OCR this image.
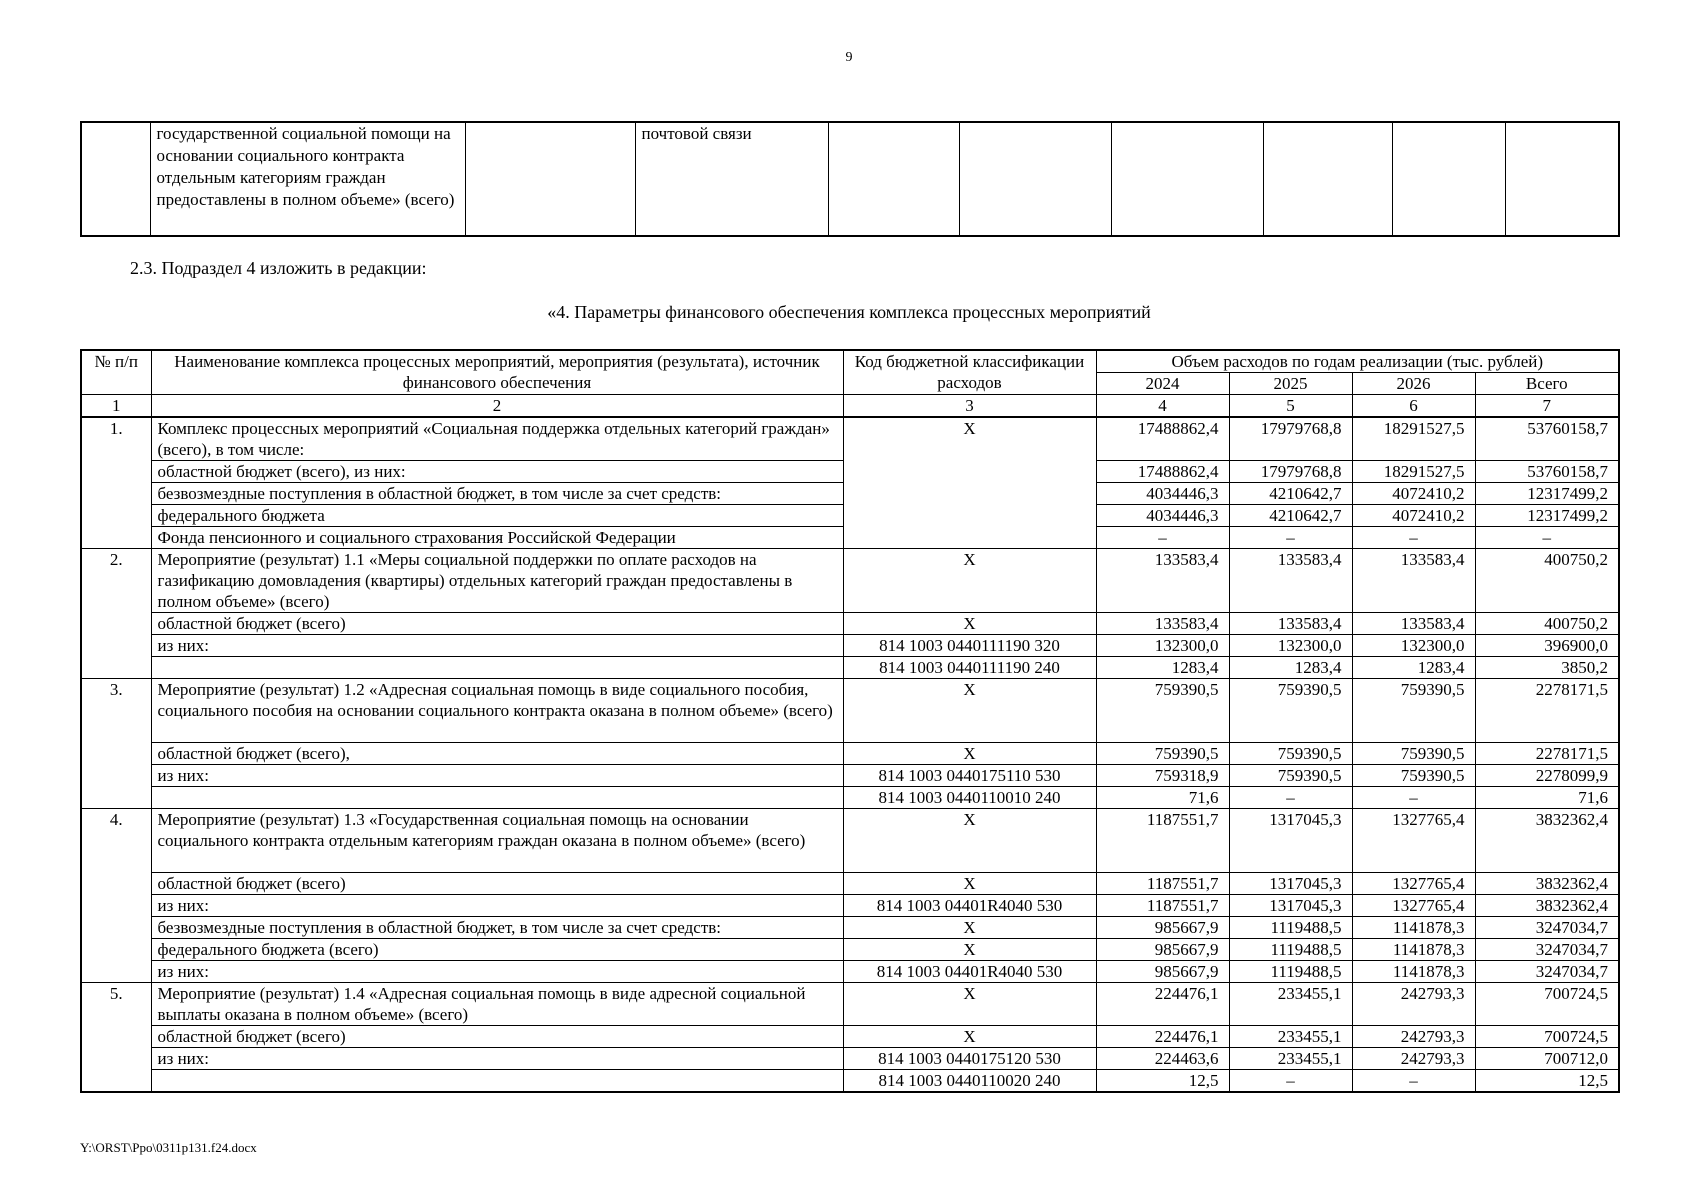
9
	государственной социальной помощи на основании социального контракта отдельным категориям граждан предоставлены в полном объеме» (всего)		почтовой связи						
2.3. Подраздел 4 изложить в редакции:
«4. Параметры финансового обеспечения комплекса процессных мероприятий
№ п/п	Наименование комплекса процессных мероприятий, мероприятия (результата), источник финансового обеспечения	Код бюджетной классификации расходов	Объем расходов по годам реализации (тыс. рублей)			
			2024	2025	2026	Всего
1	2	3	4	5	6	7
1.	Комплекс процессных мероприятий «Социальная поддержка отдельных категорий граждан» (всего), в том числе:	X	17488862,4	17979768,8	18291527,5	53760158,7
	областной бюджет (всего), из них:		17488862,4	17979768,8	18291527,5	53760158,7
	безвозмездные поступления в областной бюджет, в том числе за счет средств:		4034446,3	4210642,7	4072410,2	12317499,2
	федерального бюджета		4034446,3	4210642,7	4072410,2	12317499,2
	Фонда пенсионного и социального страхования Российской Федерации		–	–	–	–
2.	Мероприятие (результат) 1.1 «Меры социальной поддержки по оплате расходов на газификацию домовладения (квартиры) отдельных категорий граждан предоставлены в полном объеме» (всего)	X	133583,4	133583,4	133583,4	400750,2
	областной бюджет (всего)	X	133583,4	133583,4	133583,4	400750,2
	из них:	814 1003 0440111190 320	132300,0	132300,0	132300,0	396900,0
		814 1003 0440111190 240	1283,4	1283,4	1283,4	3850,2
3.	Мероприятие (результат) 1.2 «Адресная социальная помощь в виде социального пособия, социального пособия на основании социального контракта оказана в полном объеме» (всего)	X	759390,5	759390,5	759390,5	2278171,5
	областной бюджет (всего),	X	759390,5	759390,5	759390,5	2278171,5
	из них:	814 1003 0440175110 530	759318,9	759390,5	759390,5	2278099,9
		814 1003 0440110010 240	71,6	–	–	71,6
4.	Мероприятие (результат) 1.3 «Государственная социальная помощь на основании социального контракта отдельным категориям граждан оказана в полном объеме» (всего)	X	1187551,7	1317045,3	1327765,4	3832362,4
	областной бюджет (всего)	X	1187551,7	1317045,3	1327765,4	3832362,4
	из них:	814 1003 04401R4040 530	1187551,7	1317045,3	1327765,4	3832362,4
	безвозмездные поступления в областной бюджет, в том числе за счет средств:	X	985667,9	1119488,5	1141878,3	3247034,7
	федерального бюджета (всего)	X	985667,9	1119488,5	1141878,3	3247034,7
	из них:	814 1003 04401R4040 530	985667,9	1119488,5	1141878,3	3247034,7
5.	Мероприятие (результат) 1.4 «Адресная социальная помощь в виде адресной социальной выплаты оказана в полном объеме» (всего)	X	224476,1	233455,1	242793,3	700724,5
	областной бюджет (всего)	X	224476,1	233455,1	242793,3	700724,5
	из них:	814 1003 0440175120 530	224463,6	233455,1	242793,3	700712,0
		814 1003 0440110020 240	12,5	–	–	12,5
Y:\ORST\Ppo\0311p131.f24.docx
